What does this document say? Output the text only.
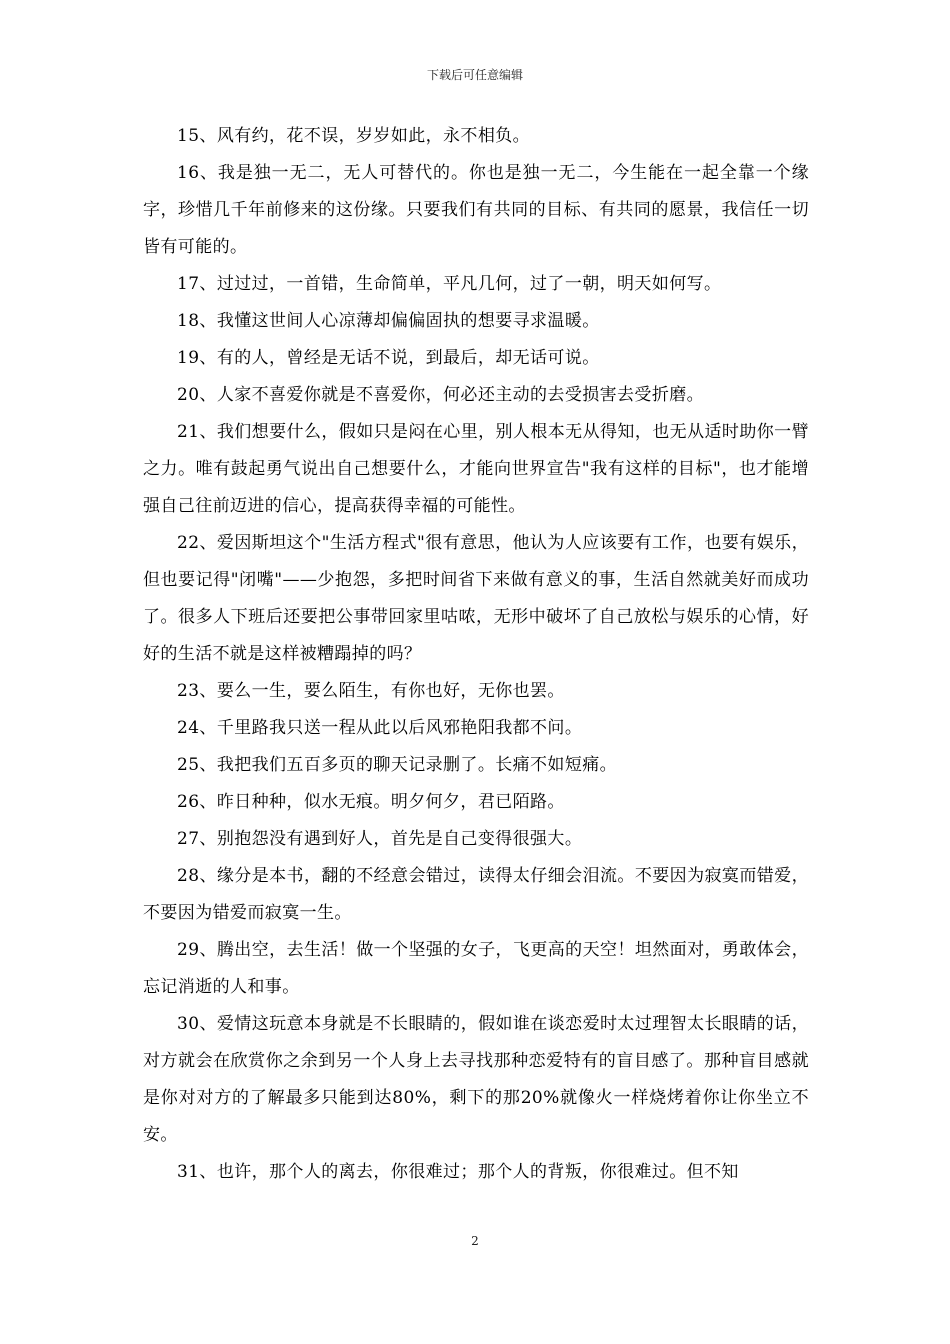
下载后可任意编辑

15、风有约，花不误，岁岁如此，永不相负。

16、我是独一无二，无人可替代的。你也是独一无二，今生能在一起全靠一个缘字，珍惜几千年前修来的这份缘。只要我们有共同的目标、有共同的愿景，我信任一切皆有可能的。

17、过过过，一首错，生命简单，平凡几何，过了一朝，明天如何写。

18、我懂这世间人心凉薄却偏偏固执的想要寻求温暖。

19、有的人，曾经是无话不说，到最后，却无话可说。

20、人家不喜爱你就是不喜爱你，何必还主动的去受损害去受折磨。

21、我们想要什么，假如只是闷在心里，别人根本无从得知，也无从适时助你一臂之力。唯有鼓起勇气说出自己想要什么，才能向世界宣告"我有这样的目标"，也才能增强自己往前迈进的信心，提高获得幸福的可能性。

22、爱因斯坦这个"生活方程式"很有意思，他认为人应该要有工作，也要有娱乐，但也要记得"闭嘴"——少抱怨，多把时间省下来做有意义的事，生活自然就美好而成功了。很多人下班后还要把公事带回家里咕哝，无形中破坏了自己放松与娱乐的心情，好好的生活不就是这样被糟蹋掉的吗？

23、要么一生，要么陌生，有你也好，无你也罢。

24、千里路我只送一程从此以后风邪艳阳我都不问。

25、我把我们五百多页的聊天记录删了。长痛不如短痛。

26、昨日种种，似水无痕。明夕何夕，君已陌路。

27、别抱怨没有遇到好人，首先是自己变得很强大。

28、缘分是本书，翻的不经意会错过，读得太仔细会泪流。不要因为寂寞而错爱，不要因为错爱而寂寞一生。

29、腾出空，去生活！做一个坚强的女子，飞更高的天空！坦然面对，勇敢体会，忘记消逝的人和事。

30、爱情这玩意本身就是不长眼睛的，假如谁在谈恋爱时太过理智太长眼睛的话，对方就会在欣赏你之余到另一个人身上去寻找那种恋爱特有的盲目感了。那种盲目感就是你对对方的了解最多只能到达80%，剩下的那20%就像火一样烧烤着你让你坐立不安。

31、也许，那个人的离去，你很难过；那个人的背叛，你很难过。但不知

2
